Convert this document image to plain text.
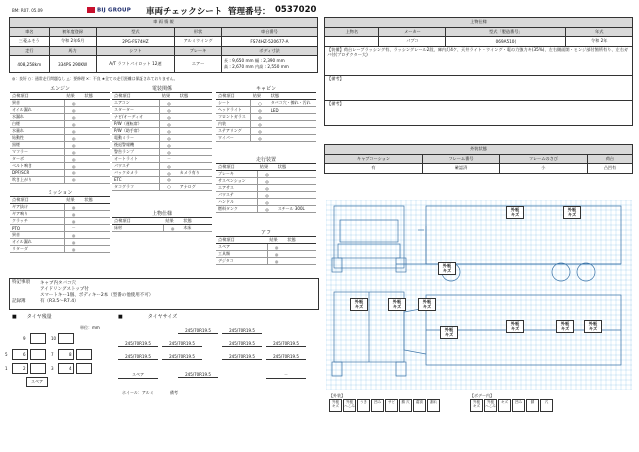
BM: R07. 05.09	BIJ GROUP 車両チェックシート 管理番号： 0537020
車 両 情 報				
車名	初年度登録	型式	形状	車台番号
三菱ふそう	令和 2年6月	2PG-FS74HZ	アルミウイング	FS74HZ-520677-A
走行	馬力	シフト	ブレーキ	ボディ寸法
408,258km	334PS 290KW	A/T ラフトパイロット 12速	エアー	長 : 9,650 mm 幅 : 2,390 mm
高 : 2,670 mm 内高 : 2,550 mm
◎：良好 ○：通常走行問題なし △：要修理 ✕：不良 ★全ての走行距離は保証されておりません。
エンジン
点検項目	結果	状態
異音	◎	
オイル漏れ	◎	
水漏れ	◎	
白煙	◎	
水量れ	◎	
始動性	◎	
黒煙	◎	
マフラー	◎	
ターボ	◎	
ベルト鳴き	◎	
DPF/SCR	◎	
吹き上がり	◎	
ミッション
点検項目	結果	状態
ギア抜け	◎	
ギア鳴り	◎	
クラッチ	◎	
PTO	－	
異音	◎	
オイル漏れ	◎	
リターダ	◎	
電装関係
点検項目	結果	状態
エアコン	◎	
スターター	◎	
ナビ/オーディオ	◎	
P/W（運転席）	◎	
P/W（助手席）	◎	
電動ミラー	◎	
後退警報機	◎	
警告ランプ	◎	
オートライト	－	
パワステ	◎	
バックカメラ	◎	カメラ有り
ETC	◎	
タコグラフ	○	アナログ
上物仕様
点検項目	結果	状態
床材	◎	木床
キャビン
点検項目	結果	状態
シート	○	タバコ穴・擦れ・汚れ
ヘッドライト	◎	LED
フロントガラス	◎	
内装	◎	
ステアリング	◎	
ワイパー	◎	
走行装置
点検項目	結果	状態
ブレーキ	◎	
サスペンション	◎	
エアサス	◎	
パワステ	◎	
ハンドル	◎	
燃料タンク	◎	スチール 300L
アフ
点検項目	結果	状態
スペア	◎	
工具類	◎	
デジタコ	◎	
特記事項 キャブ内タバコ穴
アイドリングストップ付
スマートキー1個、ボディキー2本（型番の他使用不可）
記録簿	有（R3.5〜R7.4）
■　　タイヤ残量
単位：mm
9	10
5	6	7	8
1	2	3	4
スペア
■　　　　　タイヤサイズ
245/70R19.5	245/70R19.5
245/70R19.5	245/70R19.5	245/70R19.5	245/70R19.5
245/70R19.5	245/70R19.5	245/70R19.5	245/70R19.5
スペア	245/70R19.5	－
ホイール：アルミ	備考
上物仕様			
上物名	メーカー	型式「製造番号」	年式
	パブコ	069A510(	令和 2年
【装備】荷台レーブラッシング有、ラッシングレール2段、庫内灯4ケ、天井ライト・ウイング・電の力強力キ(35%)、左右側面開・ヒンジ部付箇所有り、左右ガバ付(プロテクター大)			
【備考】			
【備考】			
外装状態			
キャブコーション	フレーム番号	フレームのさび	荷台
有	確認済	小	凸凹有
外板
キズ
外板
キズ
外板
キズ
外板
キズ
外板
キズ
外板
キズ
外板
キズ
外板
キズ
外板
キズ
外板
キズ
【外装】
外板 キズ外板 へこみうき 凹み サビ 錆 穴 腐食 割れ
【ボデー内】
外板 キズ外板 へこみキズ 凹み	錆	穴
